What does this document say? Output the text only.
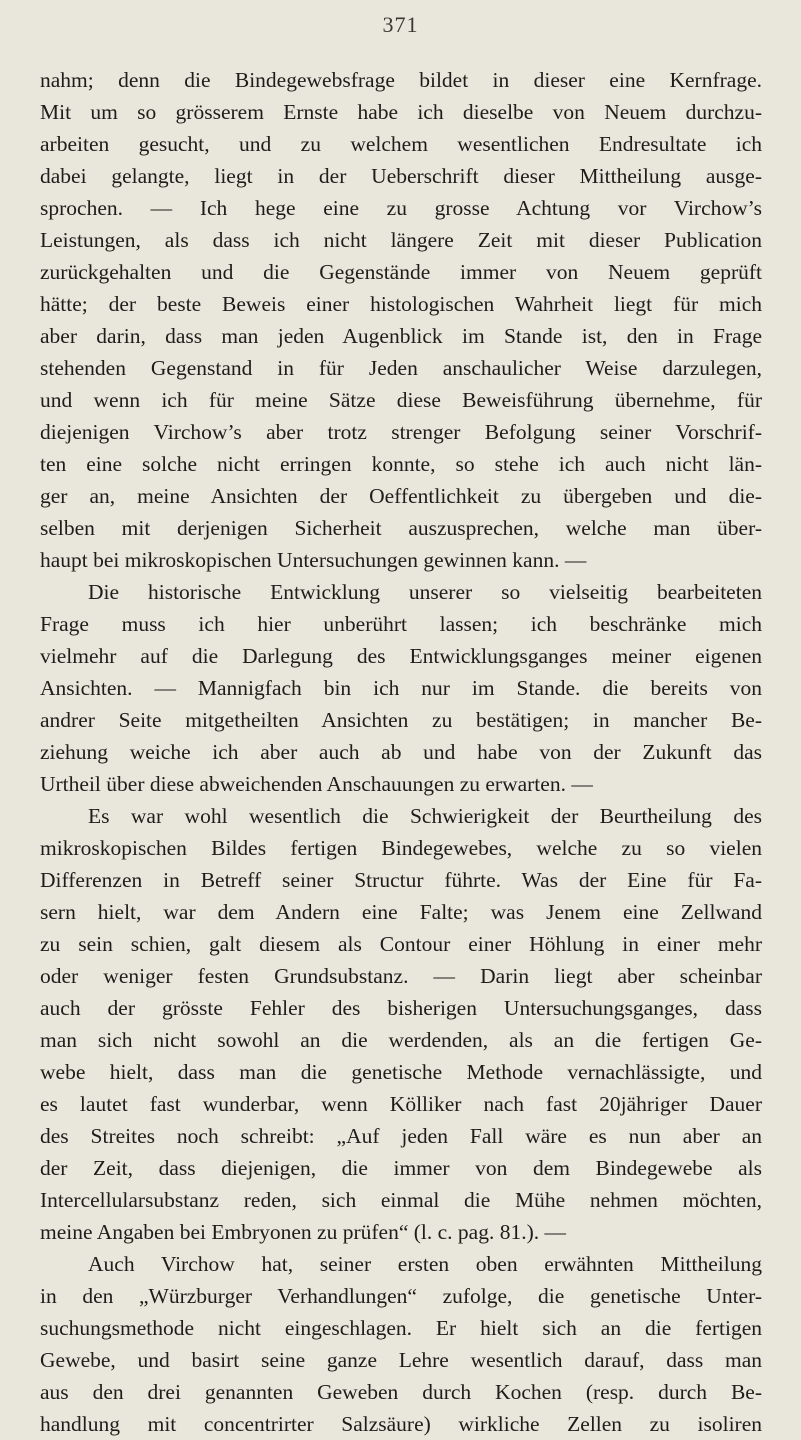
371
nahm; denn die Bindegewebsfrage bildet in dieser eine Kernfrage.
Mit um so grösserem Ernste habe ich dieselbe von Neuem durchzu-
arbeiten gesucht, und zu welchem wesentlichen Endresultate ich
dabei gelangte, liegt in der Ueberschrift dieser Mittheilung ausge-
sprochen. — Ich hege eine zu grosse Achtung vor Virchow’s
Leistungen, als dass ich nicht längere Zeit mit dieser Publication
zurückgehalten und die Gegenstände immer von Neuem geprüft
hätte; der beste Beweis einer histologischen Wahrheit liegt für mich
aber darin, dass man jeden Augenblick im Stande ist, den in Frage
stehenden Gegenstand in für Jeden anschaulicher Weise darzulegen,
und wenn ich für meine Sätze diese Beweisführung übernehme, für
diejenigen Virchow’s aber trotz strenger Befolgung seiner Vorschrif-
ten eine solche nicht erringen konnte, so stehe ich auch nicht län-
ger an, meine Ansichten der Oeffentlichkeit zu übergeben und die-
selben mit derjenigen Sicherheit auszusprechen, welche man über-
haupt bei mikroskopischen Untersuchungen gewinnen kann. —
Die historische Entwicklung unserer so vielseitig bearbeiteten
Frage muss ich hier unberührt lassen; ich beschränke mich
vielmehr auf die Darlegung des Entwicklungsganges meiner eigenen
Ansichten. — Mannigfach bin ich nur im Stande. die bereits von
andrer Seite mitgetheilten Ansichten zu bestätigen; in mancher Be-
ziehung weiche ich aber auch ab und habe von der Zukunft das
Urtheil über diese abweichenden Anschauungen zu erwarten. —
Es war wohl wesentlich die Schwierigkeit der Beurtheilung des
mikroskopischen Bildes fertigen Bindegewebes, welche zu so vielen
Differenzen in Betreff seiner Structur führte. Was der Eine für Fa-
sern hielt, war dem Andern eine Falte; was Jenem eine Zellwand
zu sein schien, galt diesem als Contour einer Höhlung in einer mehr
oder weniger festen Grundsubstanz. — Darin liegt aber scheinbar
auch der grösste Fehler des bisherigen Untersuchungsganges, dass
man sich nicht sowohl an die werdenden, als an die fertigen Ge-
webe hielt, dass man die genetische Methode vernachlässigte, und
es lautet fast wunderbar, wenn Kölliker nach fast 20jähriger Dauer
des Streites noch schreibt: „Auf jeden Fall wäre es nun aber an
der Zeit, dass diejenigen, die immer von dem Bindegewebe als
Intercellularsubstanz reden, sich einmal die Mühe nehmen möchten,
meine Angaben bei Embryonen zu prüfen“ (l. c. pag. 81.). —
Auch Virchow hat, seiner ersten oben erwähnten Mittheilung
in den „Würzburger Verhandlungen“ zufolge, die genetische Unter-
suchungsmethode nicht eingeschlagen. Er hielt sich an die fertigen
Gewebe, und basirt seine ganze Lehre wesentlich darauf, dass man
aus den drei genannten Geweben durch Kochen (resp. durch Be-
handlung mit concentrirter Salzsäure) wirkliche Zellen zu isoliren
